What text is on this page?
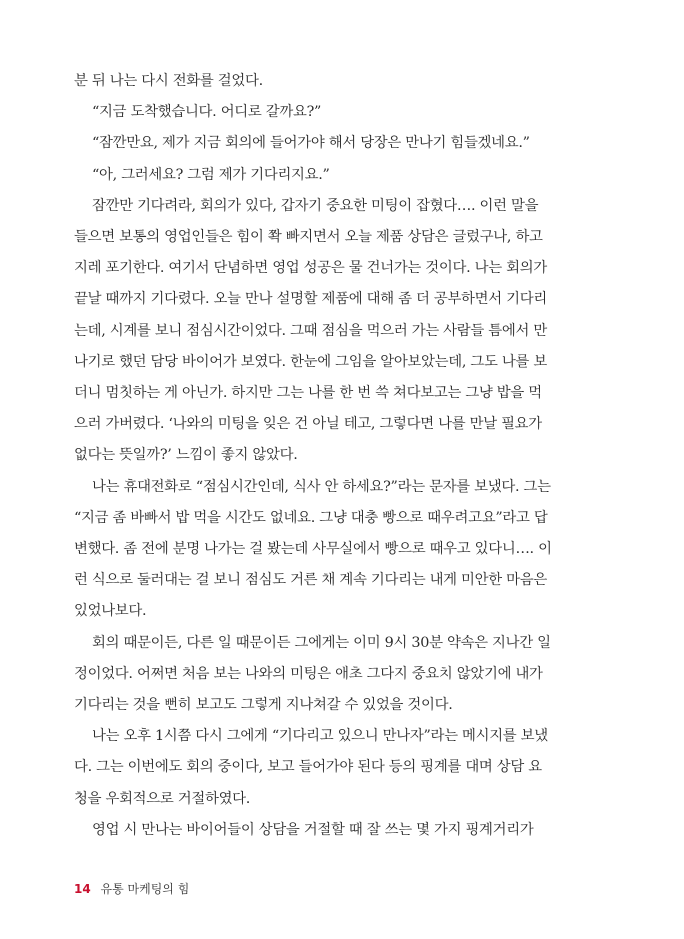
분 뒤 나는 다시 전화를 걸었다.
“지금 도착했습니다. 어디로 갈까요?”
“잠깐만요, 제가 지금 회의에 들어가야 해서 당장은 만나기 힘들겠네요.”
“아, 그러세요? 그럼 제가 기다리지요.”
잠깐만 기다려라, 회의가 있다, 갑자기 중요한 미팅이 잡혔다…. 이런 말을
들으면 보통의 영업인들은 힘이 쫙 빠지면서 오늘 제품 상담은 글렀구나, 하고
지레 포기한다. 여기서 단념하면 영업 성공은 물 건너가는 것이다. 나는 회의가
끝날 때까지 기다렸다. 오늘 만나 설명할 제품에 대해 좀 더 공부하면서 기다리
는데, 시계를 보니 점심시간이었다. 그때 점심을 먹으러 가는 사람들 틈에서 만
나기로 했던 담당 바이어가 보였다. 한눈에 그임을 알아보았는데, 그도 나를 보
더니 멈칫하는 게 아닌가. 하지만 그는 나를 한 번 쓱 쳐다보고는 그냥 밥을 먹
으러 가버렸다. ‘나와의 미팅을 잊은 건 아닐 테고, 그렇다면 나를 만날 필요가
없다는 뜻일까?’ 느낌이 좋지 않았다.
나는 휴대전화로 “점심시간인데, 식사 안 하세요?”라는 문자를 보냈다. 그는
“지금 좀 바빠서 밥 먹을 시간도 없네요. 그냥 대충 빵으로 때우려고요”라고 답
변했다. 좀 전에 분명 나가는 걸 봤는데 사무실에서 빵으로 때우고 있다니…. 이
런 식으로 둘러대는 걸 보니 점심도 거른 채 계속 기다리는 내게 미안한 마음은
있었나보다.
회의 때문이든, 다른 일 때문이든 그에게는 이미 9시 30분 약속은 지나간 일
정이었다. 어쩌면 처음 보는 나와의 미팅은 애초 그다지 중요치 않았기에 내가
기다리는 것을 뻔히 보고도 그렇게 지나쳐갈 수 있었을 것이다.
나는 오후 1시쯤 다시 그에게 “기다리고 있으니 만나자”라는 메시지를 보냈
다. 그는 이번에도 회의 중이다, 보고 들어가야 된다 등의 핑계를 대며 상담 요
청을 우회적으로 거절하였다.
영업 시 만나는 바이어들이 상담을 거절할 때 잘 쓰는 몇 가지 핑계거리가
14 유통 마케팅의 힘
